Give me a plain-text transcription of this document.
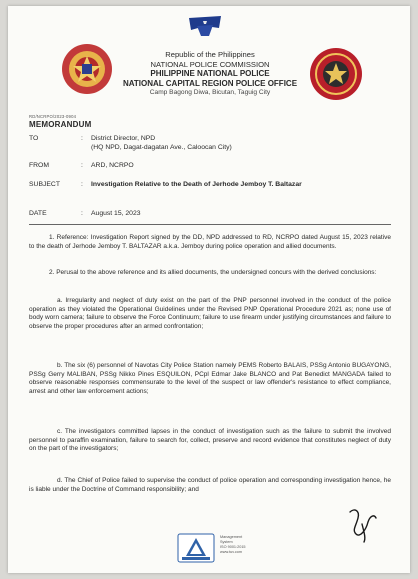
Republic of the Philippines
NATIONAL POLICE COMMISSION
PHILIPPINE NATIONAL POLICE
NATIONAL CAPITAL REGION POLICE OFFICE
Camp Bagong Diwa, Bicutan, Taguig City
RD/NCRPO/2023-0904
MEMORANDUM
TO	: District Director, NPD
(HQ NPD, Dagat-dagatan Ave., Caloocan City)
FROM	: ARD, NCRPO
SUBJECT	: Investigation Relative to the Death of Jerhode Jemboy T. Baltazar
DATE	: August 15, 2023
1. Reference: Investigation Report signed by the DD, NPD addressed to RD, NCRPO dated August 15, 2023 relative to the death of Jerhode Jemboy T. BALTAZAR a.k.a. Jemboy during police operation and allied documents.
2. Perusal to the above reference and its allied documents, the undersigned concurs with the derived conclusions:
a. Irregularity and neglect of duty exist on the part of the PNP personnel involved in the conduct of the police operation as they violated the Operational Guidelines under the Revised PNP Operational Procedure 2021 as; none use of body worn camera; failure to observe the Force Continuum; failure to use firearm under justifying circumstances and failure to observe the proper procedures after an armed confrontation;
b. The six (6) personnel of Navotas City Police Station namely PEMS Roberto BALAIS, PSSg Antonio BUGAYONG, PSSg Gerry MALIBAN, PSSg Nikko Pines ESQUILON, PCpl Edmar Jake BLANCO and Pat Benedict MANGADA failed to observe reasonable responses commensurate to the level of the suspect or law offender's resistance to effect compliance, arrest and other law enforcement actions;
c. The investigators committed lapses in the conduct of investigation such as the failure to submit the involved personnel to paraffin examination, failure to search for, collect, preserve and record evidence that constitutes neglect of duty on the part of the investigators;
d. The Chief of Police failed to supervise the conduct of police operation and corresponding investigation hence, he is liable under the Doctrine of Command responsibility; and
Management
System
ISO 9001:2015
www.tuv.com
